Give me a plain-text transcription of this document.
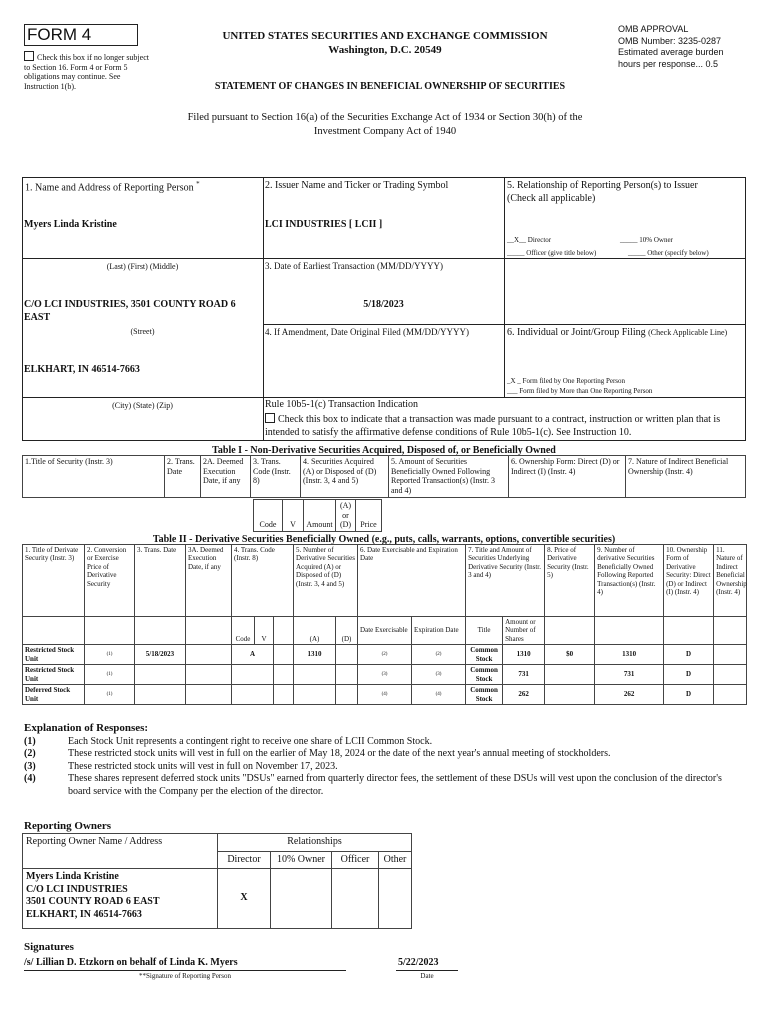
FORM 4
Check this box if no longer subject to Section 16. Form 4 or Form 5 obligations may continue. See Instruction 1(b).
UNITED STATES SECURITIES AND EXCHANGE COMMISSION
Washington, D.C. 20549
STATEMENT OF CHANGES IN BENEFICIAL OWNERSHIP OF SECURITIES
OMB APPROVAL
OMB Number: 3235-0287
Estimated average burden
hours per response... 0.5
Filed pursuant to Section 16(a) of the Securities Exchange Act of 1934 or Section 30(h) of the
Investment Company Act of 1940
1. Name and Address of Reporting Person *
Myers Linda Kristine
(Last) (First) (Middle)
C/O LCI INDUSTRIES, 3501 COUNTY ROAD 6 EAST
(Street)
ELKHART, IN 46514-7663
(City) (State) (Zip)
2. Issuer Name and Ticker or Trading Symbol
LCI INDUSTRIES [ LCII ]
3. Date of Earliest Transaction (MM/DD/YYYY)
5/18/2023
4. If Amendment, Date Original Filed (MM/DD/YYYY)
5. Relationship of Reporting Person(s) to Issuer
(Check all applicable)
__X__ Director	_____ 10% Owner
_____ Officer (give title below)	_____ Other (specify below)
6. Individual or Joint/Group Filing (Check Applicable Line)
_X _ Form filed by One Reporting Person
___ Form filed by More than One Reporting Person
Rule 10b5-1(c) Transaction Indication
Check this box to indicate that a transaction was made pursuant to a contract, instruction or written plan that is intended to satisfy the affirmative defense conditions of Rule 10b5-1(c). See Instruction 10.
Table I - Non-Derivative Securities Acquired, Disposed of, or Beneficially Owned
1.Title of Security (Instr. 3)	2. Trans. Date	2A. Deemed Execution Date, if any	3. Trans. Code (Instr. 8)	4. Securities Acquired (A) or Disposed of (D) (Instr. 3, 4 and 5)	5. Amount of Securities Beneficially Owned Following Reported Transaction(s) (Instr. 3 and 4)	6. Ownership Form: Direct (D) or Indirect (I) (Instr. 4)	7. Nature of Indirect Beneficial Ownership (Instr. 4)
Code	V	Amount	(A) or (D)	Price
Table II - Derivative Securities Beneficially Owned (e.g., puts, calls, warrants, options, convertible securities)
1. Title of Derivate Security (Instr. 3)	2. Conversion or Exercise Price of Derivative Security	3. Trans. Date	3A. Deemed Execution Date, if any	4. Trans. Code (Instr. 8)			5. Number of Derivative Securities Acquired (A) or Disposed of (D) (Instr. 3, 4 and 5)		6. Date Exercisable and Expiration Date		7. Title and Amount of Securities Underlying Derivative Security (Instr. 3 and 4)		8. Price of Derivative Security (Instr. 5)	9. Number of derivative Securities Beneficially Owned Following Reported Transaction(s) (Instr. 4)	10. Ownership Form of Derivative Security: Direct (D) or Indirect (I) (Instr. 4)	11. Nature of Indirect Beneficial Ownership (Instr. 4)
				Code	V		(A)	(D)	Date Exercisable	Expiration Date	Title	Amount or Number of Shares				
Restricted Stock Unit	(1)	5/18/2023		A			1310		(2)	(2)	Common Stock	1310	$0	1310	D	
Restricted Stock Unit	(1)								(3)	(3)	Common Stock	731		731	D	
Deferred Stock Unit	(1)								(4)	(4)	Common Stock	262		262	D	
Explanation of Responses:
(1)	Each Stock Unit represents a contingent right to receive one share of LCII Common Stock.
(2)	These restricted stock units will vest in full on the earlier of May 18, 2024 or the date of the next year's annual meeting of stockholders.
(3)	These restricted stock units will vest in full on November 17, 2023.
(4)	These shares represent deferred stock units "DSUs" earned from quarterly director fees, the settlement of these DSUs will vest upon the conclusion of the director's board service with the Company per the election of the director.
Reporting Owners
Reporting Owner Name / Address	Relationships			
	Director	10% Owner	Officer	Other

Myers Linda Kristine
C/O LCI INDUSTRIES
3501 COUNTY ROAD 6 EAST
ELKHART, IN 46514-7663	X			
Signatures
/s/ Lillian D. Etzkorn on behalf of Linda K. Myers
**Signature of Reporting Person
5/22/2023
Date
